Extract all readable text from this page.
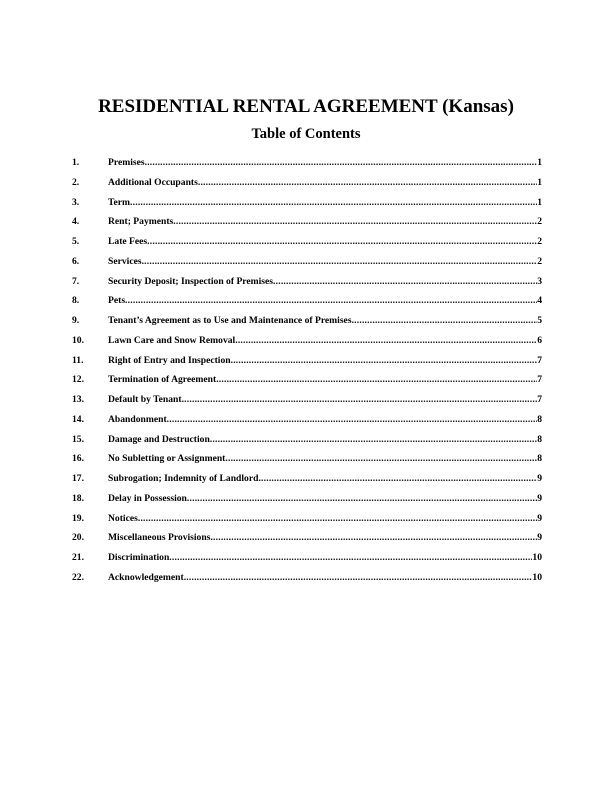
RESIDENTIAL RENTAL AGREEMENT (Kansas)
Table of Contents
1.	Premises .....	1
2.	Additional Occupants .....	1
3.	Term .....	1
4.	Rent; Payments .....	2
5.	Late Fees .....	2
6.	Services .....	2
7.	Security Deposit; Inspection of Premises .....	3
8.	Pets .....	4
9.	Tenant’s Agreement as to Use and Maintenance of Premises .....	5
10.	Lawn Care and Snow Removal .....	6
11.	Right of Entry and Inspection .....	7
12.	Termination of Agreement .....	7
13.	Default by Tenant .....	7
14.	Abandonment .....	8
15.	Damage and Destruction .....	8
16.	No Subletting or Assignment .....	8
17.	Subrogation; Indemnity of Landlord .....	9
18.	Delay in Possession .....	9
19.	Notices .....	9
20.	Miscellaneous Provisions .....	9
21.	Discrimination .....	10
22.	Acknowledgement .....	10
